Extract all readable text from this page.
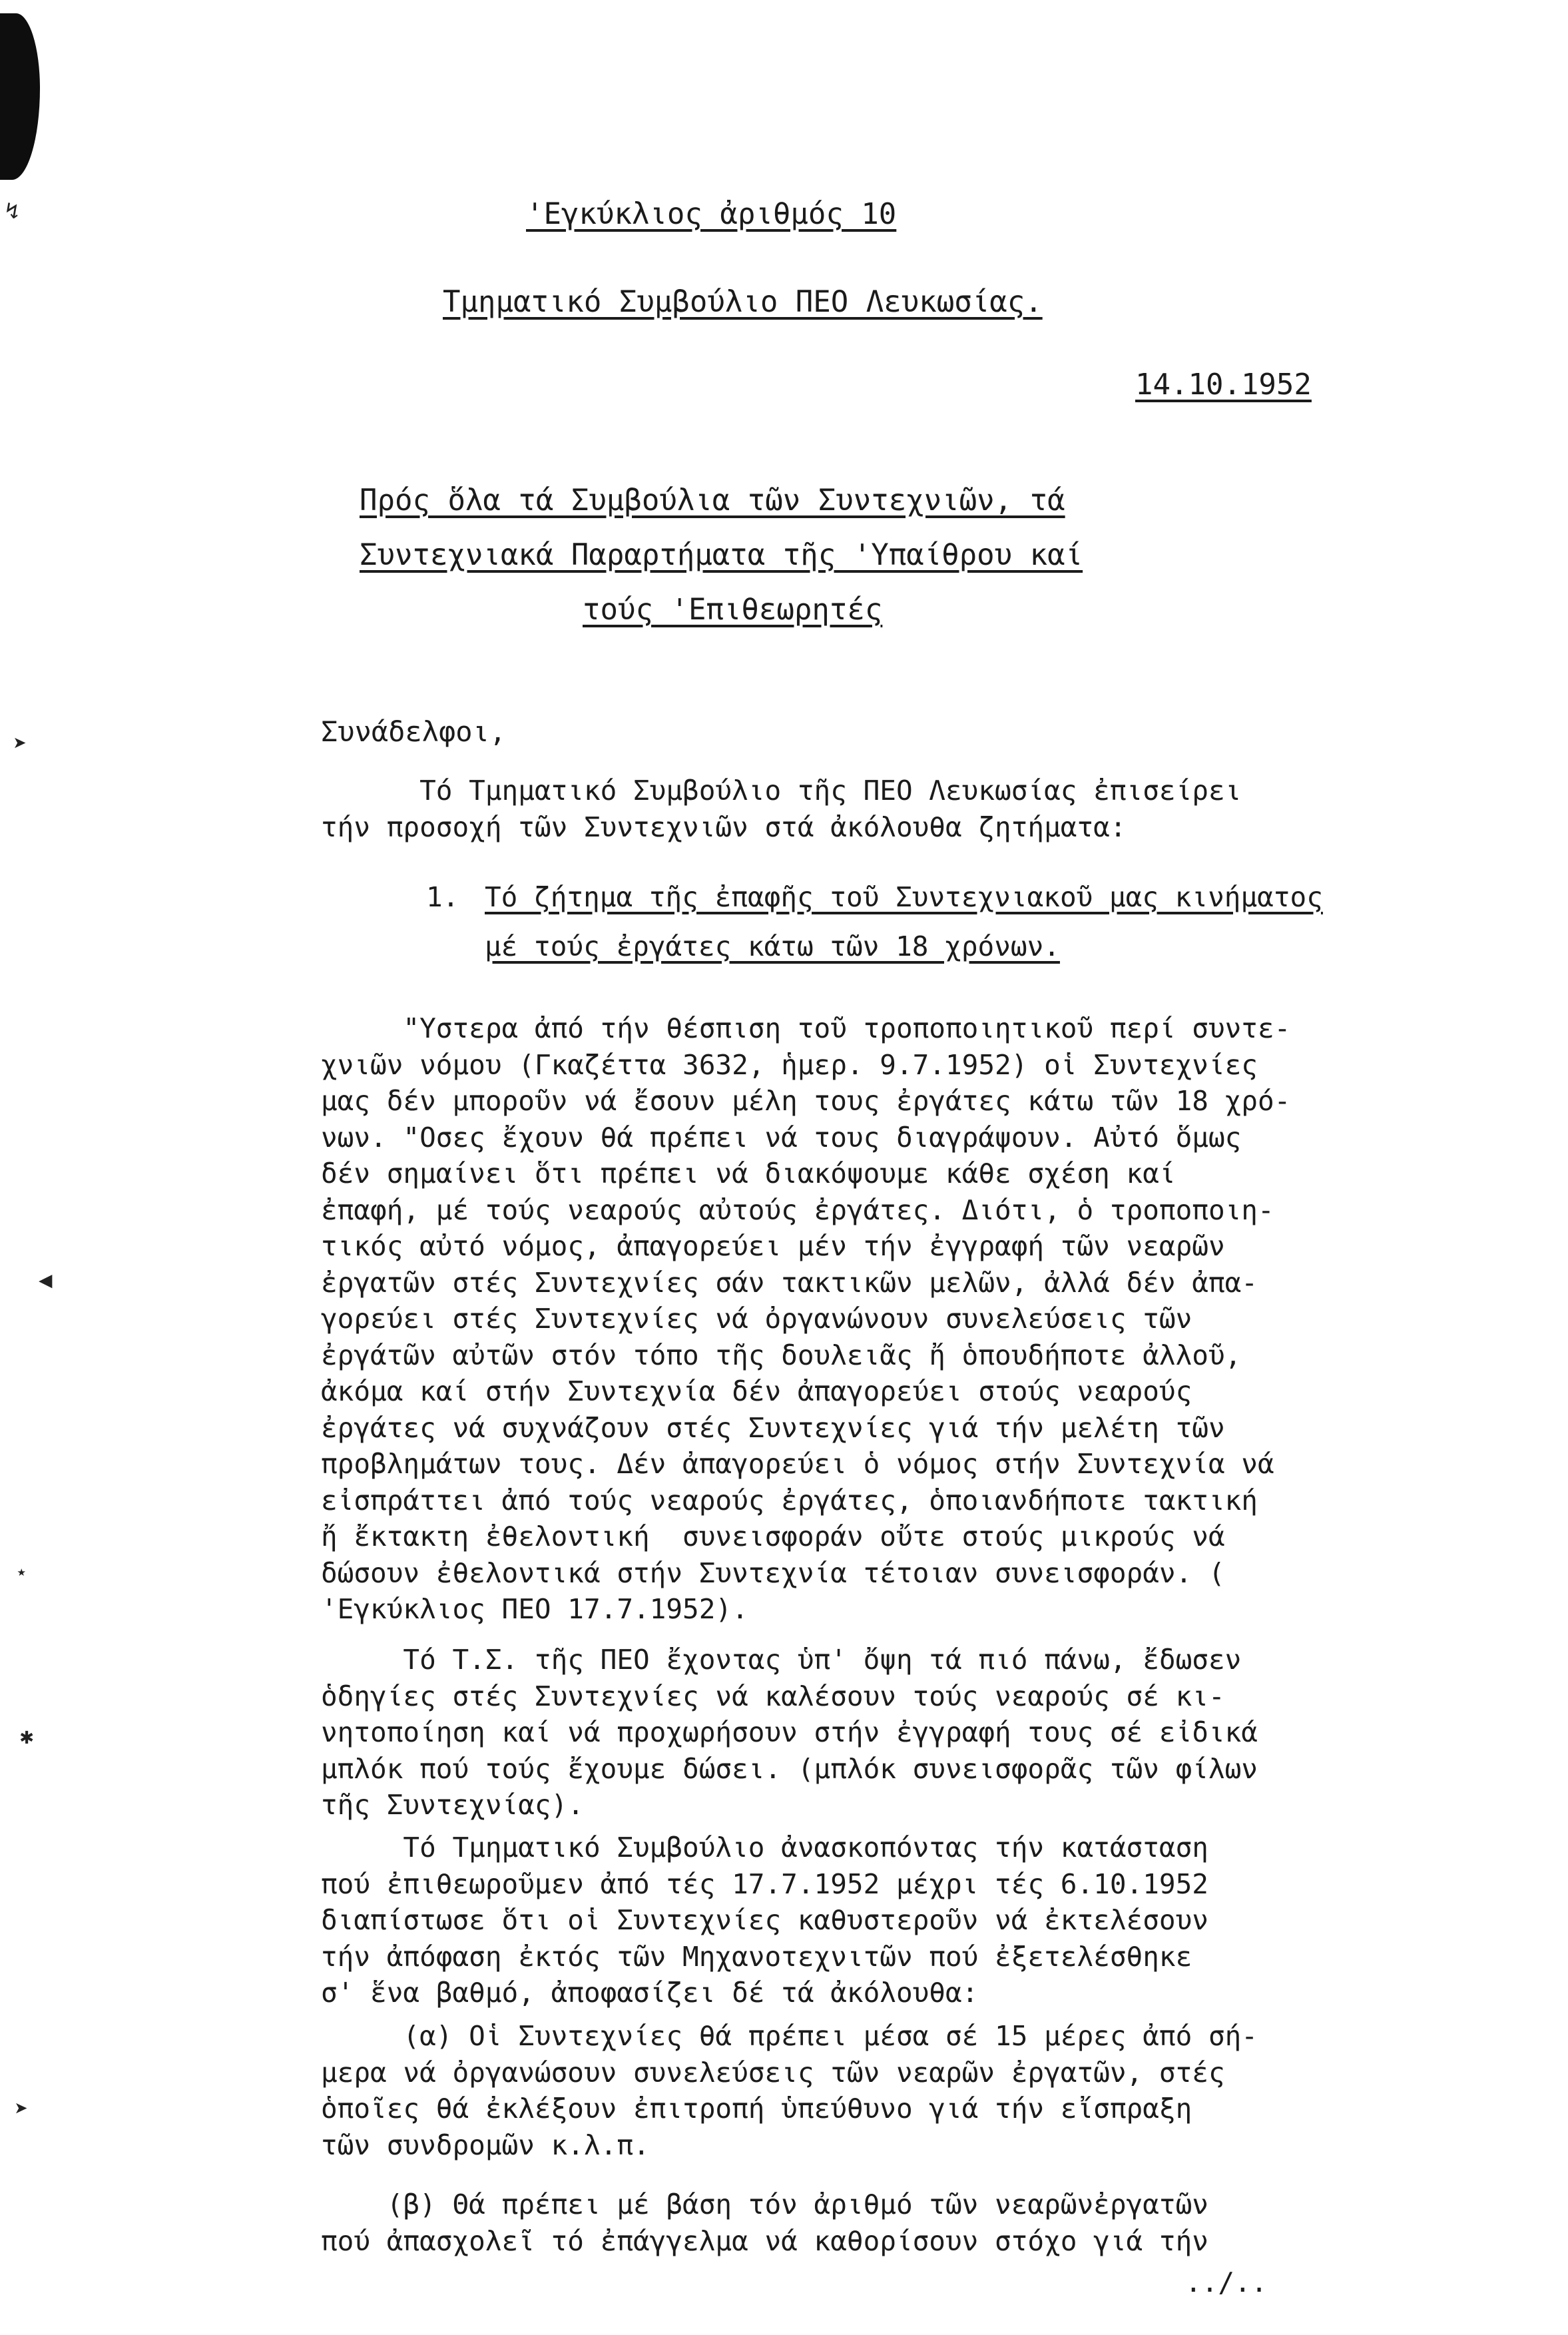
↯
➤
◀
⋆
✱
➤
'Εγκύκλιος ἀριθμός 10
Τμηματικό Συμβούλιο ΠΕΟ Λευκωσίας.
14.10.1952
Πρός ὅλα τά Συμβούλια τῶν Συντεχνιῶν, τά
Συντεχνιακά Παραρτήματα τῆς 'Υπαίθρου καί
τούς 'Επιθεωρητές
Συνάδελφοι,
Τό Τμηματικό Συμβούλιο τῆς ΠΕΟ Λευκωσίας ἐπισείρει
τήν προσοχή τῶν Συντεχνιῶν στά ἀκόλουθα ζητήματα:
1. Τό ζήτημα τῆς ἐπαφῆς τοῦ Συντεχνιακοῦ μας κινήματος
μέ τούς ἐργάτες κάτω τῶν 18 χρόνων.
"Υστερα ἀπό τήν θέσπιση τοῦ τροποποιητικοῦ περί συντε-
χνιῶν νόμου (Γκαζέττα 3632, ἡμερ. 9.7.1952) οἱ Συντεχνίες
μας δέν μποροῦν νά ἔσουν μέλη τους ἐργάτες κάτω τῶν 18 χρό-
νων. "Οσες ἔχουν θά πρέπει νά τους διαγράψουν. Αὐτό ὅμως
δέν σημαίνει ὅτι πρέπει νά διακόψουμε κάθε σχέση καί
ἐπαφή, μέ τούς νεαρούς αὐτούς ἐργάτες. Διότι, ὁ τροποποιη-
τικός αὐτό νόμος, ἀπαγορεύει μέν τήν ἐγγραφή τῶν νεαρῶν
ἐργατῶν στές Συντεχνίες σάν τακτικῶν μελῶν, ἀλλά δέν ἀπα-
γορεύει στές Συντεχνίες νά ὀργανώνουν συνελεύσεις τῶν
ἐργάτῶν αὐτῶν στόν τόπο τῆς δουλειᾶς ἤ ὁπουδήποτε ἀλλοῦ,
ἀκόμα καί στήν Συντεχνία δέν ἀπαγορεύει στούς νεαρούς
ἐργάτες νά συχνάζουν στές Συντεχνίες γιά τήν μελέτη τῶν
προβλημάτων τους. Δέν ἀπαγορεύει ὁ νόμος στήν Συντεχνία νά
εἰσπράττει ἀπό τούς νεαρούς ἐργάτες, ὁποιανδήποτε τακτική
ἤ ἔκτακτη ἐθελοντική  συνεισφοράν οὔτε στούς μικρούς νά
δώσουν ἐθελοντικά στήν Συντεχνία τέτοιαν συνεισφοράν. (
'Εγκύκλιος ΠΕΟ 17.7.1952).
Τό Τ.Σ. τῆς ΠΕΟ ἔχοντας ὑπ' ὄψη τά πιό πάνω, ἔδωσεν
ὁδηγίες στές Συντεχνίες νά καλέσουν τούς νεαρούς σέ κι-
νητοποίηση καί νά προχωρήσουν στήν ἐγγραφή τους σέ εἰδικά
μπλόκ πού τούς ἔχουμε δώσει. (μπλόκ συνεισφορᾶς τῶν φίλων
τῆς Συντεχνίας).
Τό Τμηματικό Συμβούλιο ἀνασκοπόντας τήν κατάσταση
πού ἐπιθεωροῦμεν ἀπό τές 17.7.1952 μέχρι τές 6.10.1952
διαπίστωσε ὅτι οἱ Συντεχνίες καθυστεροῦν νά ἐκτελέσουν
τήν ἀπόφαση ἐκτός τῶν Μηχανοτεχνιτῶν πού ἐξετελέσθηκε
σ' ἕνα βαθμό, ἀποφασίζει δέ τά ἀκόλουθα:
(α) Οἱ Συντεχνίες θά πρέπει μέσα σέ 15 μέρες ἀπό σή-
μερα νά ὀργανώσουν συνελεύσεις τῶν νεαρῶν ἐργατῶν, στές
ὁποῖες θά ἐκλέξουν ἐπιτροπή ὑπεύθυνο γιά τήν εἴσπραξη
τῶν συνδρομῶν κ.λ.π.
(β) Θά πρέπει μέ βάση τόν ἀριθμό τῶν νεαρῶνἐργατῶν
πού ἀπασχολεῖ τό ἐπάγγελμα νά καθορίσουν στόχο γιά τήν
../..
